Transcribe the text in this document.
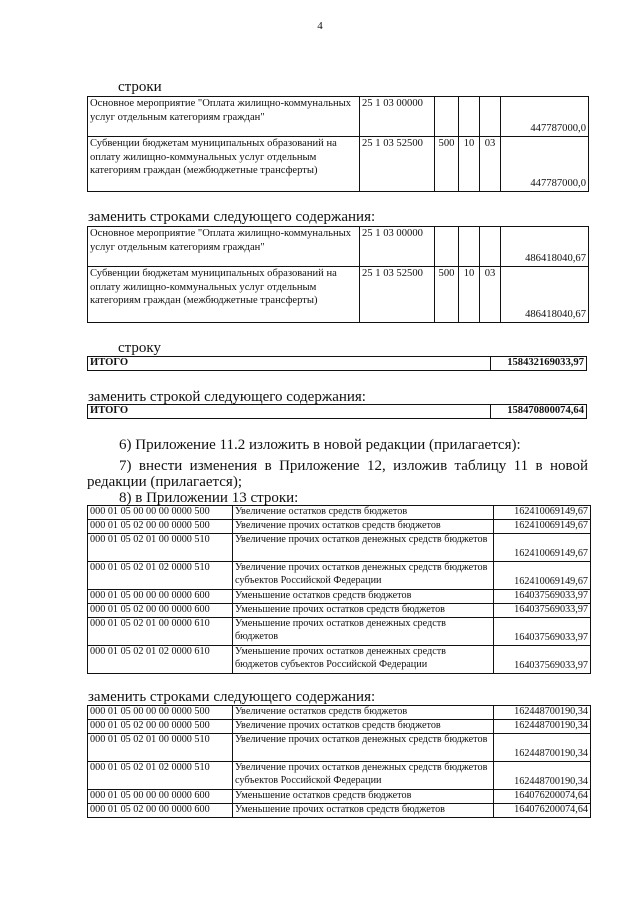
4
строки
Основное мероприятие "Оплата жилищно-коммунальных услуг отдельным категориям граждан"	25 1 03 00000				447787000,0
Субвенции бюджетам муниципальных образований на оплату жилищно-коммунальных услуг отдельным категориям граждан (межбюджетные трансферты)	25 1 03 52500	500	10	03	447787000,0
заменить строками следующего содержания:
Основное мероприятие "Оплата жилищно-коммунальных услуг отдельным категориям граждан"	25 1 03 00000				486418040,67
Субвенции бюджетам муниципальных образований на оплату жилищно-коммунальных услуг отдельным категориям граждан (межбюджетные трансферты)	25 1 03 52500	500	10	03	486418040,67
строку
ИТОГО	158432169033,97
заменить строкой следующего содержания:
ИТОГО	158470800074,64
6) Приложение 11.2 изложить в новой редакции (прилагается):
7) внести изменения в Приложение 12, изложив таблицу 11 в новой
редакции (прилагается);
8) в Приложении 13 строки:
000 01 05 00 00 00 0000 500	Увеличение остатков средств бюджетов	162410069149,67
000 01 05 02 00 00 0000 500	Увеличение прочих остатков средств бюджетов	162410069149,67
000 01 05 02 01 00 0000 510	Увеличение прочих остатков денежных средств бюджетов	162410069149,67
000 01 05 02 01 02 0000 510	Увеличение прочих остатков денежных средств бюджетов субъектов Российской Федерации	162410069149,67
000 01 05 00 00 00 0000 600	Уменьшение остатков средств бюджетов	164037569033,97
000 01 05 02 00 00 0000 600	Уменьшение прочих остатков средств бюджетов	164037569033,97
000 01 05 02 01 00 0000 610	Уменьшение прочих остатков денежных средств бюджетов	164037569033,97
000 01 05 02 01 02 0000 610	Уменьшение прочих остатков денежных средств бюджетов субъектов Российской Федерации	164037569033,97
заменить строками следующего содержания:
000 01 05 00 00 00 0000 500	Увеличение остатков средств бюджетов	162448700190,34
000 01 05 02 00 00 0000 500	Увеличение прочих остатков средств бюджетов	162448700190,34
000 01 05 02 01 00 0000 510	Увеличение прочих остатков денежных средств бюджетов	162448700190,34
000 01 05 02 01 02 0000 510	Увеличение прочих остатков денежных средств бюджетов субъектов Российской Федерации	162448700190,34
000 01 05 00 00 00 0000 600	Уменьшение остатков средств бюджетов	164076200074,64
000 01 05 02 00 00 0000 600	Уменьшение прочих остатков средств бюджетов	164076200074,64
